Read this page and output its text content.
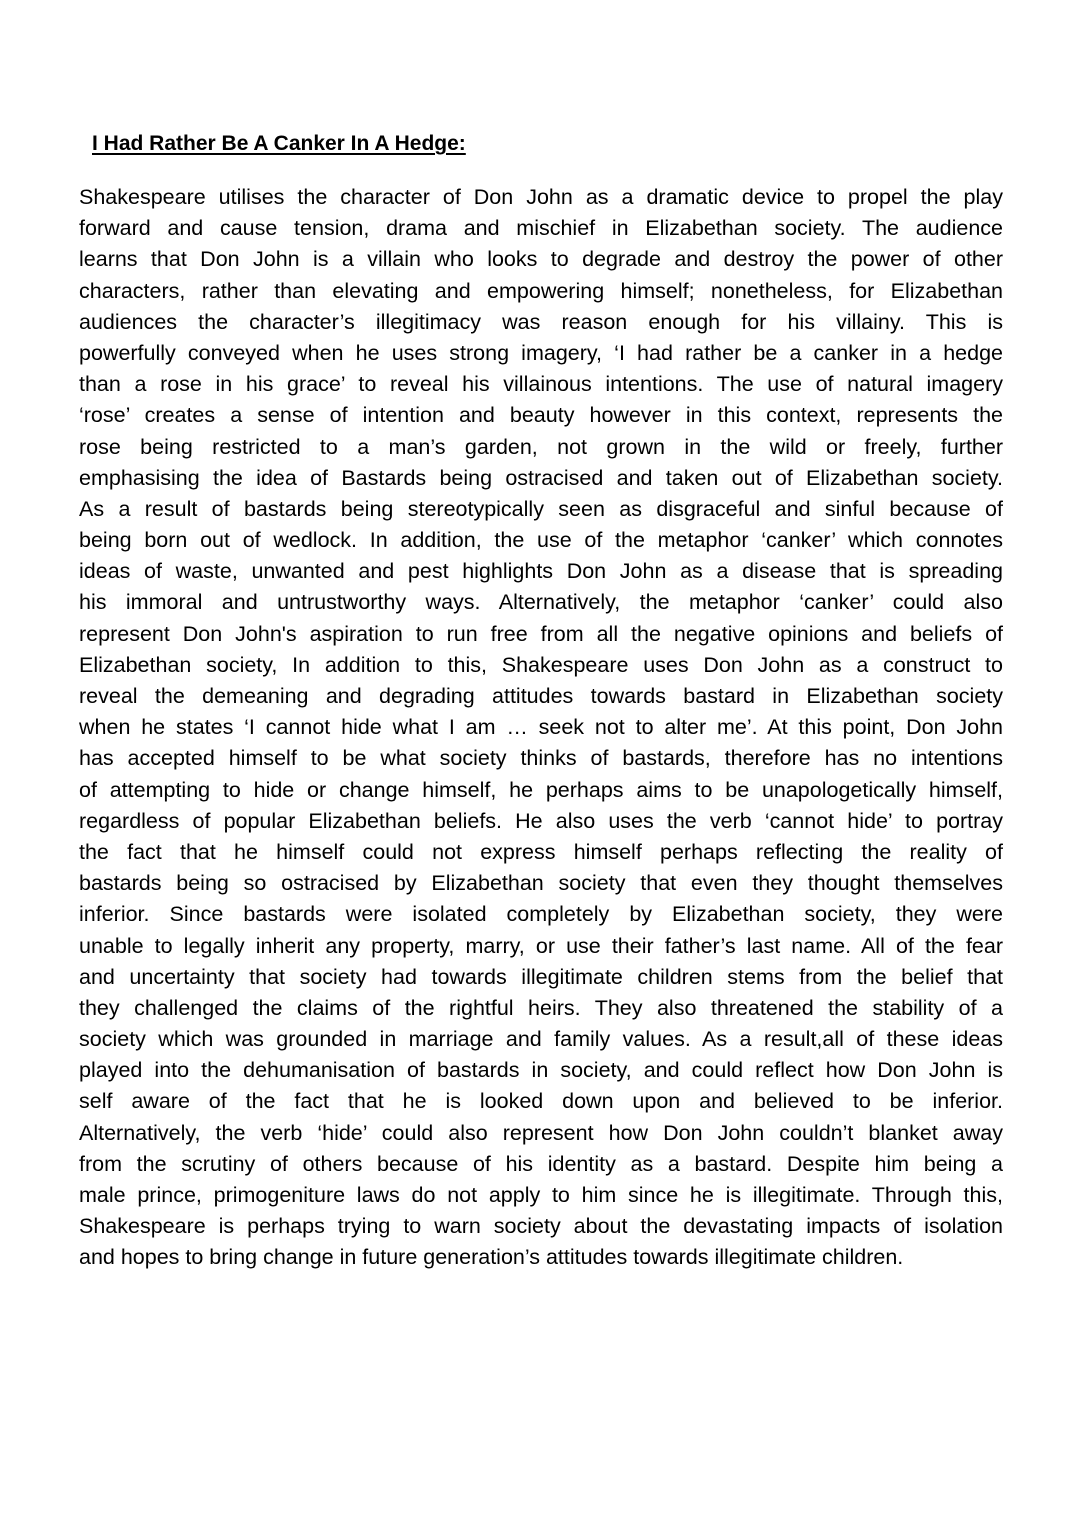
I Had Rather Be A Canker In A Hedge:
Shakespeare utilises the character of Don John as a dramatic device to propel the play
forward and cause tension, drama and mischief in Elizabethan society. The audience
learns that Don John is a villain who looks to degrade and destroy the power of other
characters, rather than elevating and empowering himself; nonetheless, for Elizabethan
audiences the character’s illegitimacy was reason enough for his villainy. This is
powerfully conveyed when he uses strong imagery, ‘I had rather be a canker in a hedge
than a rose in his grace’ to reveal his villainous intentions. The use of natural imagery
‘rose’ creates a sense of intention and beauty however in this context, represents the
rose being restricted to a man’s garden, not grown in the wild or freely, further
emphasising the idea of Bastards being ostracised and taken out of Elizabethan society.
As a result of bastards being stereotypically seen as disgraceful and sinful because of
being born out of wedlock. In addition, the use of the metaphor ‘canker’ which connotes
ideas of waste, unwanted and pest highlights Don John as a disease that is spreading
his immoral and untrustworthy ways. Alternatively, the metaphor ‘canker’ could also
represent Don John's aspiration to run free from all the negative opinions and beliefs of
Elizabethan society, In addition to this, Shakespeare uses Don John as a construct to
reveal the demeaning and degrading attitudes towards bastard in Elizabethan society
when he states ‘I cannot hide what I am … seek not to alter me’. At this point, Don John
has accepted himself to be what society thinks of bastards, therefore has no intentions
of attempting to hide or change himself, he perhaps aims to be unapologetically himself,
regardless of popular Elizabethan beliefs. He also uses the verb ‘cannot hide’ to portray
the fact that he himself could not express himself perhaps reflecting the reality of
bastards being so ostracised by Elizabethan society that even they thought themselves
inferior. Since bastards were isolated completely by Elizabethan society, they were
unable to legally inherit any property, marry, or use their father’s last name. All of the fear
and uncertainty that society had towards illegitimate children stems from the belief that
they challenged the claims of the rightful heirs. They also threatened the stability of a
society which was grounded in marriage and family values. As a result,all of these ideas
played into the dehumanisation of bastards in society, and could reflect how Don John is
self aware of the fact that he is looked down upon and believed to be inferior.
Alternatively, the verb ‘hide’ could also represent how Don John couldn’t blanket away
from the scrutiny of others because of his identity as a bastard. Despite him being a
male prince, primogeniture laws do not apply to him since he is illegitimate. Through this,
Shakespeare is perhaps trying to warn society about the devastating impacts of isolation
and hopes to bring change in future generation’s attitudes towards illegitimate children.
